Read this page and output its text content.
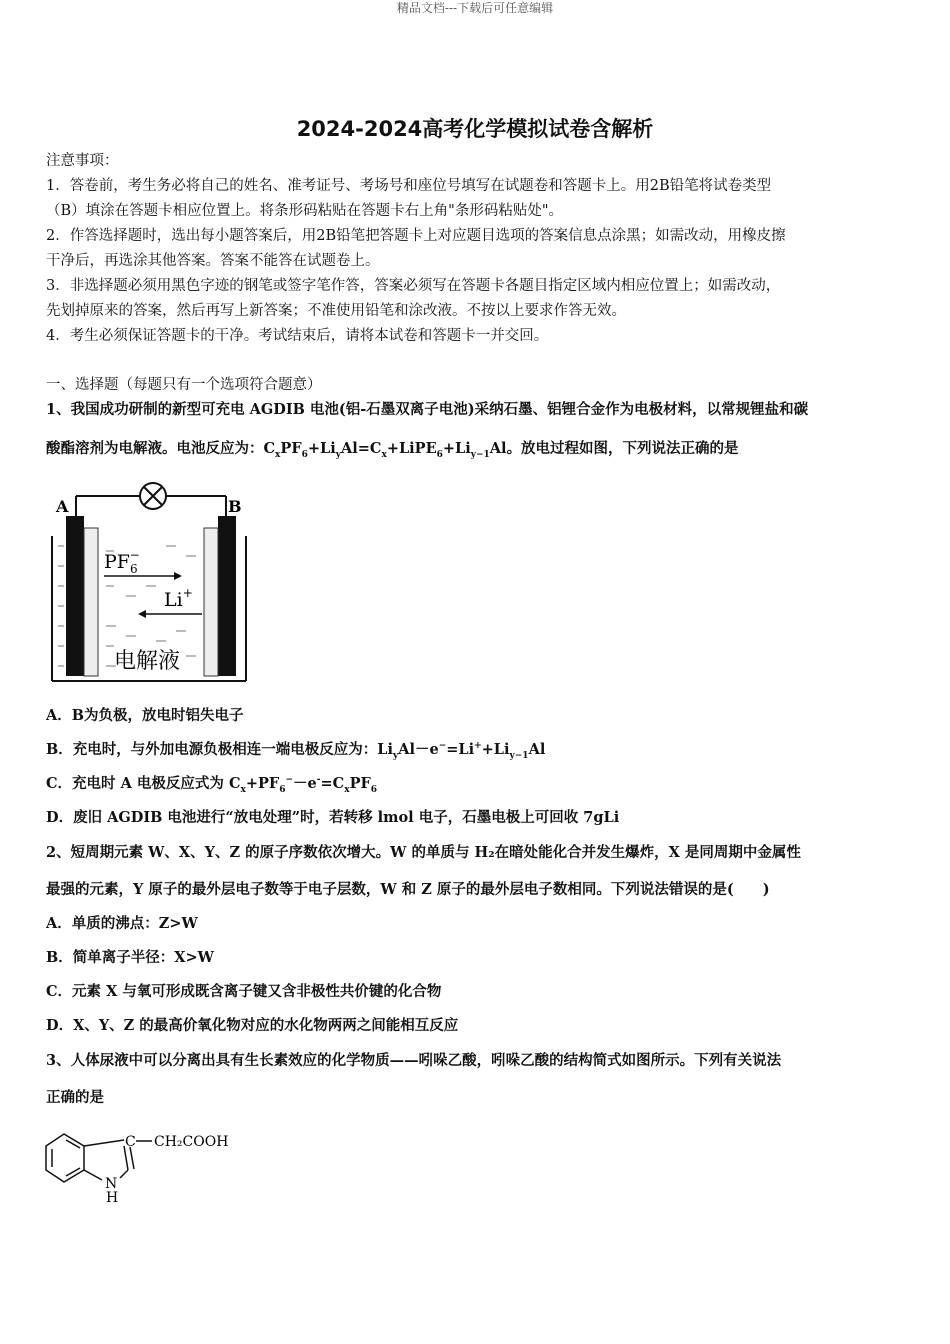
精品文档---下载后可任意编辑
2024-2024高考化学模拟试卷含解析
注意事项：
1．答卷前，考生务必将自己的姓名、准考证号、考场号和座位号填写在试题卷和答题卡上。用2B铅笔将试卷类型
（B）填涂在答题卡相应位置上。将条形码粘贴在答题卡右上角"条形码粘贴处"。
2．作答选择题时，选出每小题答案后，用2B铅笔把答题卡上对应题目选项的答案信息点涂黑；如需改动，用橡皮擦
干净后，再选涂其他答案。答案不能答在试题卷上。
3．非选择题必须用黑色字迹的钢笔或签字笔作答，答案必须写在答题卡各题目指定区域内相应位置上；如需改动，
先划掉原来的答案，然后再写上新答案；不准使用铅笔和涂改液。不按以上要求作答无效。
4．考生必须保证答题卡的干净。考试结束后，请将本试卷和答题卡一并交回。
一、选择题（每题只有一个选项符合题意）
1、我国成功研制的新型可充电 AGDIB 电池(铝-石墨双离子电池)采纳石墨、铝锂合金作为电极材料，以常规锂盐和碳
酸酯溶剂为电解液。电池反应为：$C_xPF_6+Li_yAl=C_x+LiPE_6+Li_{y-1}Al$。放电过程如图，下列说法正确的是
A	B
$PF_6-$
Li+
电解液
A．B为负极，放电时铝失电子
B．充电时，与外加电源负极相连一端电极反应为：$Li_yAl-e^-=Li^++Li_{y-1}Al$
C．充电时 A 电极反应式为 $C_x+PF_6^--e^-=C_xPF_6$
D．废旧 AGDIB 电池进行“放电处理”时，若转移 lmol 电子，石墨电极上可回收 7gLi
2、短周期元素 W、X、Y、Z 的原子序数依次增大。W 的单质与 H₂在暗处能化合并发生爆炸，X 是同周期中金属性
最强的元素，Y 原子的最外层电子数等于电子层数，W 和 Z 原子的最外层电子数相同。下列说法错误的是(　　)
A．单质的沸点：Z>W
B．简单离子半径：X>W
C．元素 X 与氧可形成既含离子键又含非极性共价键的化合物
D．X、Y、Z 的最高价氧化物对应的水化物两两之间能相互反应
3、人体尿液中可以分离出具有生长素效应的化学物质——吲哚乙酸，吲哚乙酸的结构简式如图所示。下列有关说法
正确的是
C CH₂COOH
N
H
